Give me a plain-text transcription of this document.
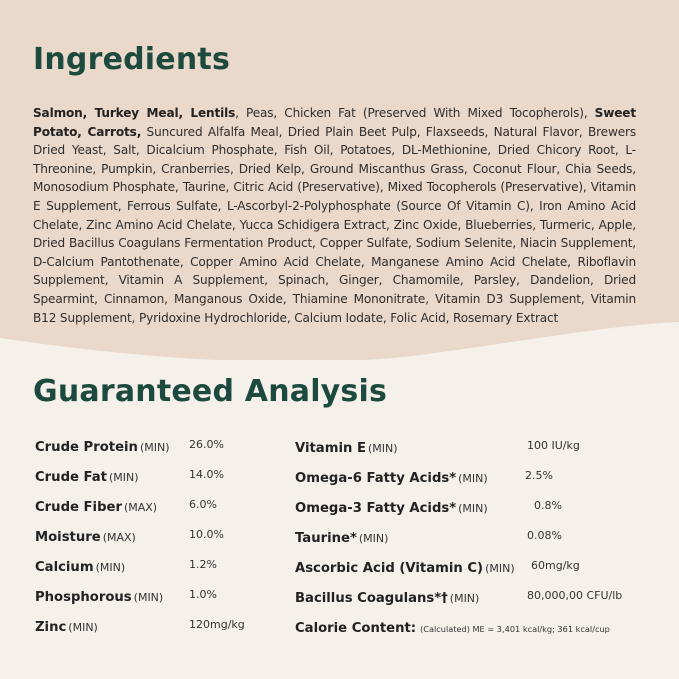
Ingredients

Salmon, Turkey Meal, Lentils, Peas, Chicken Fat (Preserved With Mixed Tocopherols), Sweet Potato, Carrots, Suncured Alfalfa Meal, Dried Plain Beet Pulp, Flaxseeds, Natural Flavor, Brewers Dried Yeast, Salt, Dicalcium Phosphate, Fish Oil, Potatoes, DL-Methionine, Dried Chicory Root, L-Threonine, Pumpkin, Cranberries, Dried Kelp, Ground Miscanthus Grass, Coconut Flour, Chia Seeds, Monosodium Phosphate, Taurine, Citric Acid (Preservative), Mixed Tocopherols (Preservative), Vitamin E Supplement, Ferrous Sulfate, L-Ascorbyl-2-Polyphosphate (Source Of Vitamin C), Iron Amino Acid Chelate, Zinc Amino Acid Chelate, Yucca Schidigera Extract, Zinc Oxide, Blueberries, Turmeric, Apple, Dried Bacillus Coagulans Fermentation Product, Copper Sulfate, Sodium Selenite, Niacin Supplement, D-Calcium Pantothenate, Copper Amino Acid Chelate, Manganese Amino Acid Chelate, Riboflavin Supplement, Vitamin A Supplement, Spinach, Ginger, Chamomile, Parsley, Dandelion, Dried Spearmint, Cinnamon, Manganous Oxide, Thiamine Mononitrate, Vitamin D3 Supplement, Vitamin B12 Supplement, Pyridoxine Hydrochloride, Calcium Iodate, Folic Acid, Rosemary Extract

Guaranteed Analysis
Crude Protein (MIN) 26.0%
Crude Fat (MIN)	14.0%
Crude Fiber (MAX)	6.0%
Moisture (MAX)	10.0%
Calcium (MIN)	1.2%
Phosphorous (MIN) 1.0%
Zinc (MIN)	120mg/kg
Vitamin E (MIN)	100 IU/kg
Omega-6 Fatty Acids* (MIN)	2.5%
Omega-3 Fatty Acids* (MIN)	0.8%
Taurine* (MIN)	0.08%
Ascorbic Acid (Vitamin C) (MIN) 60mg/kg
Bacillus Coagulans*† (MIN)	80,000,00 CFU/lb
Calorie Content: (Calculated) ME = 3,401 kcal/kg; 361 kcal/cup
